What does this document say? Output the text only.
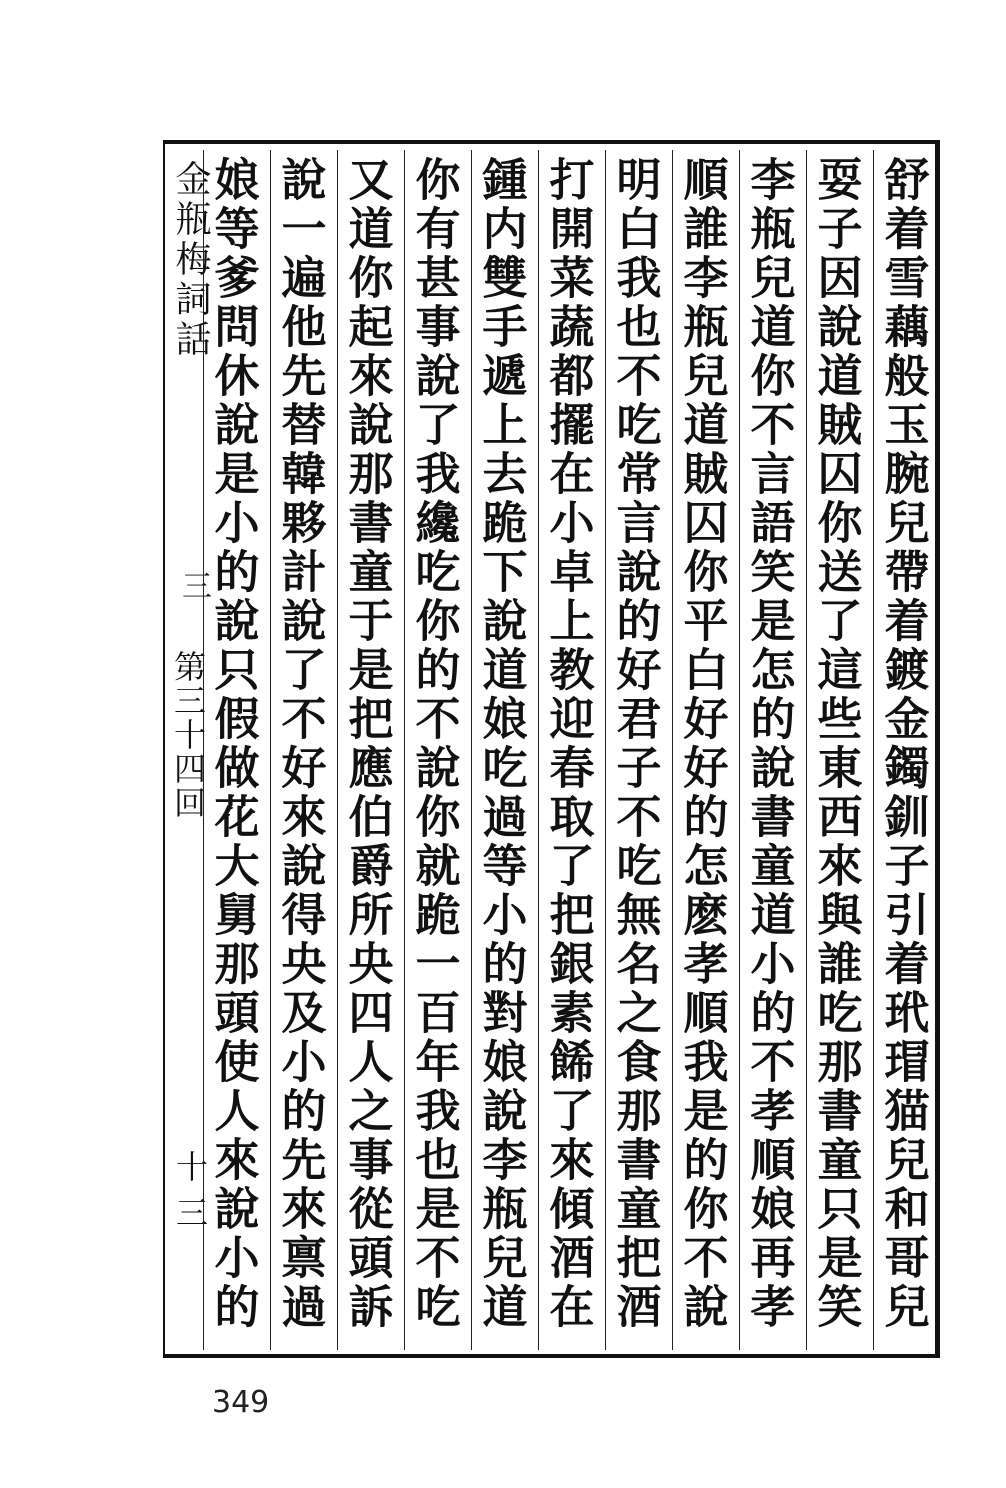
金瓶梅詞話
三
第三十四回
十三	舒着雪藕般玉腕兒帶着鍍金鐲釧子引着玳瑁猫兒和哥兒
耍子因說道賊囚你送了這些東西來與誰吃那書童只是笑
李瓶兒道你不言語笑是怎的說書童道小的不孝順娘再孝
順誰李瓶兒道賊囚你平白好好的怎麽孝順我是的你不說
明白我也不吃常言說的好君子不吃無名之食那書童把酒
打開菜蔬都擺在小卓上教迎春取了把銀素餙了來傾酒在
鍾内雙手遞上去跪下說道娘吃過等小的對娘說李瓶兒道
你有甚事說了我纔吃你的不說你就跪一百年我也是不吃
又道你起來說那書童于是把應伯爵所央四人之事從頭訴
說一遍他先替韓夥計說了不好來說得央及小的先來禀過
娘等爹問休說是小的說只假做花大舅那頭使人來說小的
349
